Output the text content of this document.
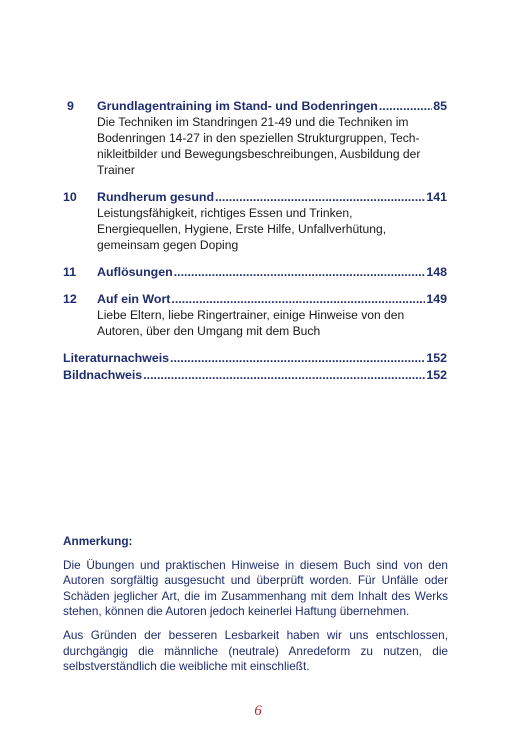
9	Grundlagentraining im Stand- und Bodenringen .....	85
Die Techniken im Standringen 21-49 und die Techniken im
Bodenringen 14-27 in den speziellen Strukturgruppen, Tech-
nikleitbilder und Bewegungsbeschreibungen, Ausbildung der
Trainer
10	Rundherum gesund .....	141
Leistungsfähigkeit, richtiges Essen und Trinken,
Energiequellen, Hygiene, Erste Hilfe, Unfallverhütung,
gemeinsam gegen Doping
11	Auflösungen .....	148
12	Auf ein Wort .....	149
Liebe Eltern, liebe Ringertrainer, einige Hinweise von den
Autoren, über den Umgang mit dem Buch
Literaturnachweis .....	152
Bildnachweis .....	152
Anmerkung:

Die Übungen und praktischen Hinweise in diesem Buch sind von den Autoren sorgfältig ausgesucht und überprüft worden. Für Unfälle oder Schäden jeglicher Art, die im Zusammenhang mit dem Inhalt des Werks stehen, können die Autoren jedoch keinerlei Haftung übernehmen.

Aus Gründen der besseren Lesbarkeit haben wir uns entschlossen, durchgängig die männliche (neutrale) Anredeform zu nutzen, die selbstverständlich die weibliche mit einschließt.

6
